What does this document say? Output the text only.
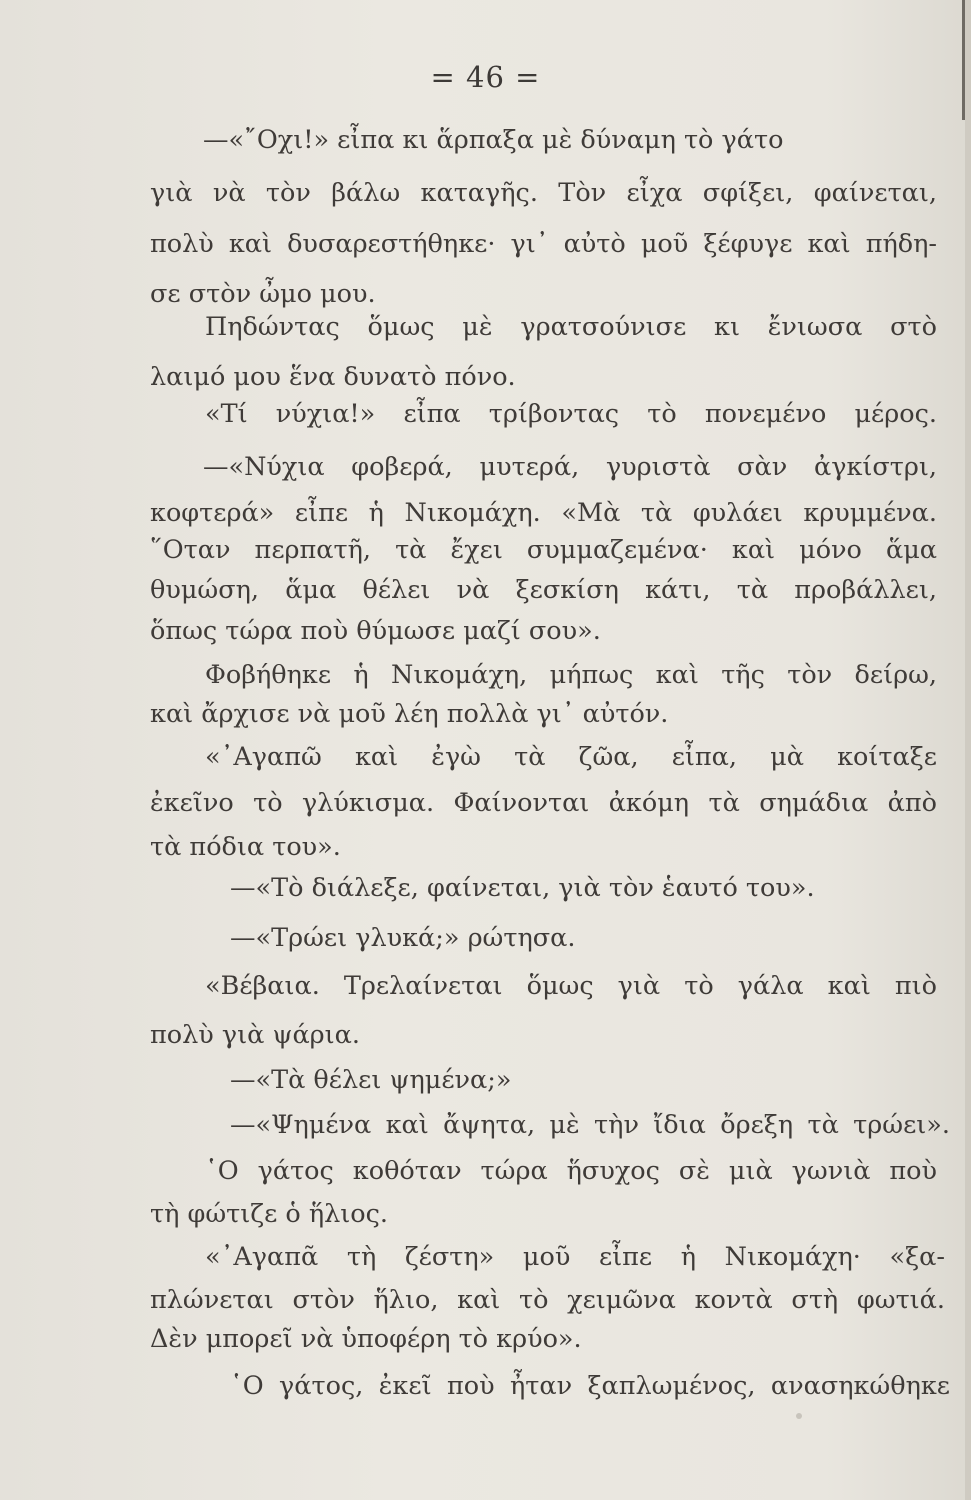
= 46 =
—«῎Οχι!» εἶπα κι ἅρπαξα μὲ δύναμη τὸ γάτο
γιὰ νὰ τὸν βάλω καταγῆς. Τὸν εἶχα σφίξει, φαίνεται,
πολὺ καὶ δυσαρεστήθηκε· γι᾿ αὐτὸ μοῦ ξέφυγε καὶ πήδη-
σε στὸν ὦμο μου.
Πηδώντας ὅμως μὲ γρατσούνισε κι ἔνιωσα στὸ
λαιμό μου ἕνα δυνατὸ πόνο.
«Τί νύχια!» εἶπα τρίβοντας τὸ πονεμένο μέρος.
—«Νύχια φοβερά, μυτερά, γυριστὰ σὰν ἀγκίστρι,
κοφτερά» εἶπε ἡ Νικομάχη. «Μὰ τὰ φυλάει κρυμμένα.
῞Οταν περπατῆ, τὰ ἔχει συμμαζεμένα· καὶ μόνο ἅμα
θυμώση, ἅμα θέλει νὰ ξεσκίση κάτι, τὰ προβάλλει,
ὅπως τώρα ποὺ θύμωσε μαζί σου».
Φοβήθηκε ἡ Νικομάχη, μήπως καὶ τῆς τὸν δείρω,
καὶ ἄρχισε νὰ μοῦ λέη πολλὰ γι᾿ αὐτόν.
«᾿Αγαπῶ καὶ ἐγὼ τὰ ζῶα, εἶπα, μὰ κοίταξε
ἐκεῖνο τὸ γλύκισμα. Φαίνονται ἀκόμη τὰ σημάδια ἀπὸ
τὰ πόδια του».
—«Τὸ διάλεξε, φαίνεται, γιὰ τὸν ἑαυτό του».
—«Τρώει γλυκά;» ρώτησα.
«Βέβαια. Τρελαίνεται ὅμως γιὰ τὸ γάλα καὶ πιὸ
πολὺ γιὰ ψάρια.
—«Τὰ θέλει ψημένα;»
—«Ψημένα καὶ ἄψητα, μὲ τὴν ἴδια ὄρεξη τὰ τρώει».
῾Ο γάτος κοθόταν τώρα ἥσυχος σὲ μιὰ γωνιὰ ποὺ
τὴ φώτιζε ὁ ἥλιος.
«᾿Αγαπᾶ τὴ ζέστη» μοῦ εἶπε ἡ Νικομάχη· «ξα-
πλώνεται στὸν ἥλιο, καὶ τὸ χειμῶνα κοντὰ στὴ φωτιά.
Δὲν μπορεῖ νὰ ὑποφέρη τὸ κρύο».
῾Ο γάτος, ἐκεῖ ποὺ ἦταν ξαπλωμένος, ανασηκώθηκε
